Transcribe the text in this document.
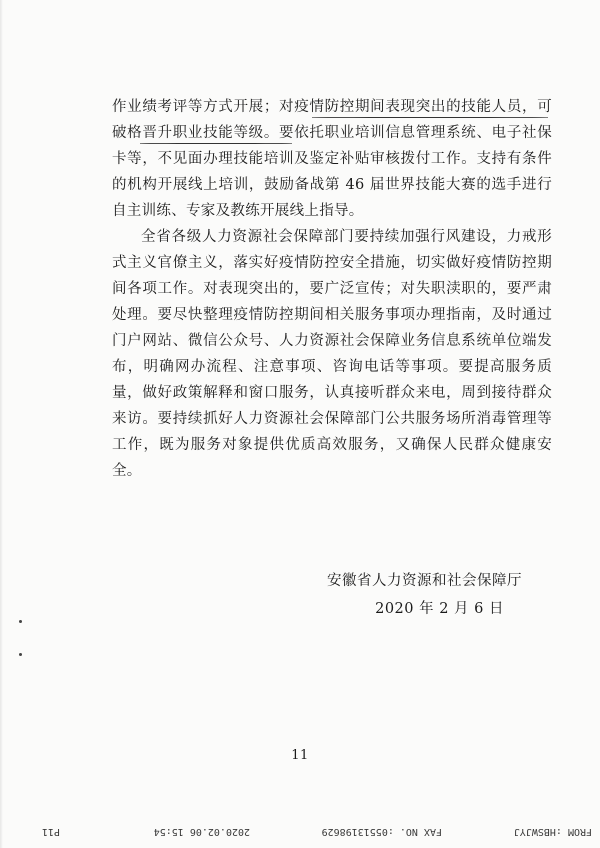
作业绩考评等方式开展；对疫情防控期间表现突出的技能人员，可破格晋升职业技能等级。要依托职业培训信息管理系统、电子社保卡等，不见面办理技能培训及鉴定补贴审核拨付工作。支持有条件的机构开展线上培训，鼓励备战第 46 届世界技能大赛的选手进行自主训练、专家及教练开展线上指导。

全省各级人力资源社会保障部门要持续加强行风建设，力戒形式主义官僚主义，落实好疫情防控安全措施，切实做好疫情防控期间各项工作。对表现突出的，要广泛宣传；对失职渎职的，要严肃处理。要尽快整理疫情防控期间相关服务事项办理指南，及时通过门户网站、微信公众号、人力资源社会保障业务信息系统单位端发布，明确网办流程、注意事项、咨询电话等事项。要提高服务质量，做好政策解释和窗口服务，认真接听群众来电，周到接待群众来访。要持续抓好人力资源社会保障部门公共服务场所消毒管理等工作，既为服务对象提供优质高效服务，又确保人民群众健康安全。

安徽省人力资源和社会保障厅
2020 年 2 月 6 日
11
FROM :HBSWJYJ
FAX NO. :05513198629
2020.02.06 15:54
P11
